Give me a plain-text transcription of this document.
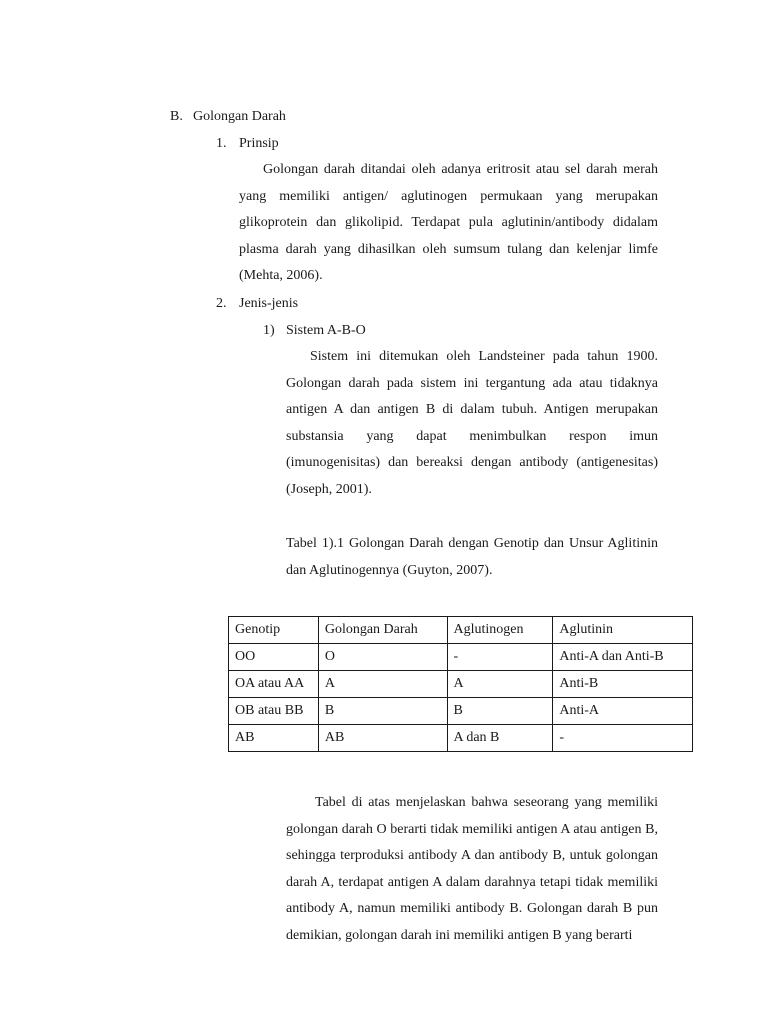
B. Golongan Darah
1. Prinsip

Golongan darah ditandai oleh adanya eritrosit atau sel darah merah yang memiliki antigen/ aglutinogen permukaan yang merupakan glikoprotein dan glikolipid. Terdapat pula aglutinin/antibody didalam plasma darah yang dihasilkan oleh sumsum tulang dan kelenjar limfe (Mehta, 2006).

2. Jenis-jenis
1) Sistem A-B-O

Sistem ini ditemukan oleh Landsteiner pada tahun 1900. Golongan darah pada sistem ini tergantung ada atau tidaknya antigen A dan antigen B di dalam tubuh. Antigen merupakan substansia yang dapat menimbulkan respon imun (imunogenisitas) dan bereaksi dengan antibody (antigenesitas) (Joseph, 2001).

Tabel 1).1 Golongan Darah dengan Genotip dan Unsur Aglitinin dan Aglutinogennya (Guyton, 2007).

Genotip	Golongan Darah	Aglutinogen	Aglutinin
OO	O	-	Anti-A dan Anti-B
OA atau AA	A	A	Anti-B
OB atau BB	B	B	Anti-A
AB	AB	A dan B	-

Tabel di atas menjelaskan bahwa seseorang yang memiliki golongan darah O berarti tidak memiliki antigen A atau antigen B, sehingga terproduksi antibody A dan antibody B, untuk golongan darah A, terdapat antigen A dalam darahnya tetapi tidak memiliki antibody A, namun memiliki antibody B. Golongan darah B pun demikian, golongan darah ini memiliki antigen B yang berarti
